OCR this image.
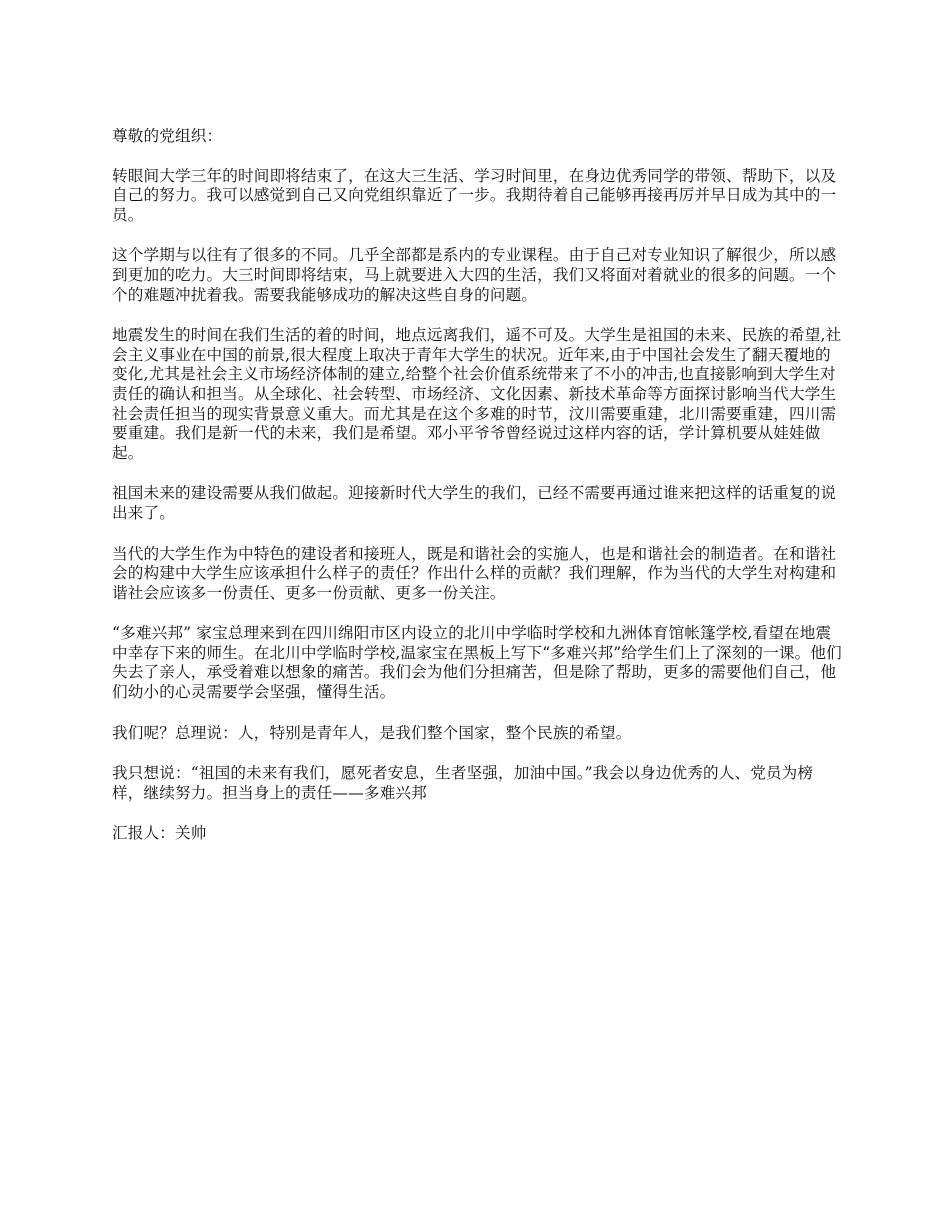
尊敬的党组织：

转眼间大学三年的时间即将结束了，在这大三生活、学习时间里，在身边优秀同学的带领、帮助下，以及自己的努力。我可以感觉到自己又向党组织靠近了一步。我期待着自己能够再接再厉并早日成为其中的一员。

这个学期与以往有了很多的不同。几乎全部都是系内的专业课程。由于自己对专业知识了解很少，所以感到更加的吃力。大三时间即将结束，马上就要进入大四的生活，我们又将面对着就业的很多的问题。一个个的难题冲扰着我。需要我能够成功的解决这些自身的问题。

地震发生的时间在我们生活的着的时间，地点远离我们，遥不可及。大学生是祖国的未来、民族的希望,社会主义事业在中国的前景,很大程度上取决于青年大学生的状况。近年来,由于中国社会发生了翻天覆地的变化,尤其是社会主义市场经济体制的建立,给整个社会价值系统带来了不小的冲击,也直接影响到大学生对责任的确认和担当。从全球化、社会转型、市场经济、文化因素、新技术革命等方面探讨影响当代大学生社会责任担当的现实背景意义重大。而尤其是在这个多难的时节，汶川需要重建，北川需要重建，四川需要重建。我们是新一代的未来，我们是希望。邓小平爷爷曾经说过这样内容的话，学计算机要从娃娃做起。

祖国未来的建设需要从我们做起。迎接新时代大学生的我们，已经不需要再通过谁来把这样的话重复的说出来了。

当代的大学生作为中特色的建设者和接班人，既是和谐社会的实施人，也是和谐社会的制造者。在和谐社会的构建中大学生应该承担什么样子的责任？作出什么样的贡献？我们理解，作为当代的大学生对构建和谐社会应该多一份责任、更多一份贡献、更多一份关注。

“多难兴邦” 家宝总理来到在四川绵阳市区内设立的北川中学临时学校和九洲体育馆帐篷学校,看望在地震中幸存下来的师生。在北川中学临时学校,温家宝在黑板上写下“多难兴邦”给学生们上了深刻的一课。他们失去了亲人，承受着难以想象的痛苦。我们会为他们分担痛苦，但是除了帮助，更多的需要他们自己，他们幼小的心灵需要学会坚强，懂得生活。

我们呢？总理说：人，特别是青年人，是我们整个国家，整个民族的希望。

我只想说：“祖国的未来有我们，愿死者安息，生者坚强，加油中国。”我会以身边优秀的人、党员为榜样，继续努力。担当身上的责任——多难兴邦

汇报人：关帅
